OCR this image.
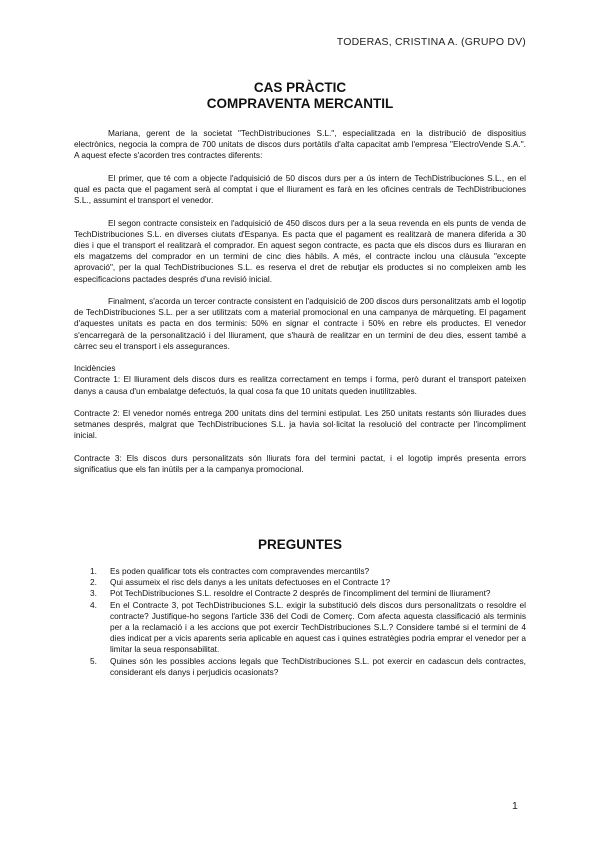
TODERAS, CRISTINA A. (GRUPO DV)
CAS PRÀCTIC
COMPRAVENTA MERCANTIL

Mariana, gerent de la societat "TechDistribuciones S.L.", especialitzada en la distribució de dispositius electrònics, negocia la compra de 700 unitats de discos durs portàtils d'alta capacitat amb l'empresa "ElectroVende S.A.". A aquest efecte s'acorden tres contractes diferents:

El primer, que té com a objecte l'adquisició de 50 discos durs per a ús intern de TechDistribuciones S.L., en el qual es pacta que el pagament serà al comptat i que el lliurament es farà en les oficines centrals de TechDistribuciones S.L., assumint el transport el venedor.

El segon contracte consisteix en l'adquisició de 450 discos durs per a la seua revenda en els punts de venda de TechDistribuciones S.L. en diverses ciutats d'Espanya. Es pacta que el pagament es realitzarà de manera diferida a 30 dies i que el transport el realitzarà el comprador. En aquest segon contracte, es pacta que els discos durs es lliuraran en els magatzems del comprador en un termini de cinc dies hàbils. A més, el contracte inclou una clàusula "excepte aprovació", per la qual TechDistribuciones S.L. es reserva el dret de rebutjar els productes si no compleixen amb les especificacions pactades després d'una revisió inicial.

Finalment, s'acorda un tercer contracte consistent en l'adquisició de 200 discos durs personalitzats amb el logotip de TechDistribuciones S.L. per a ser utilitzats com a material promocional en una campanya de màrqueting. El pagament d'aquestes unitats es pacta en dos terminis: 50% en signar el contracte i 50% en rebre els productes. El venedor s'encarregarà de la personalització i del lliurament, que s'haurà de realitzar en un termini de deu dies, essent també a càrrec seu el transport i els assegurances.

Incidències

Contracte 1: El lliurament dels discos durs es realitza correctament en temps i forma, però durant el transport pateixen danys a causa d'un embalatge defectuós, la qual cosa fa que 10 unitats queden inutilitzables.

Contracte 2: El venedor només entrega 200 unitats dins del termini estipulat. Les 250 unitats restants són lliurades dues setmanes després, malgrat que TechDistribuciones S.L. ja havia sol·licitat la resolució del contracte per l'incompliment inicial.

Contracte 3: Els discos durs personalitzats són lliurats fora del termini pactat, i el logotip imprés presenta errors significatius que els fan inútils per a la campanya promocional.

PREGUNTES
1. Es poden qualificar tots els contractes com compravendes mercantils?
2. Qui assumeix el risc dels danys a les unitats defectuoses en el Contracte 1?
3. Pot TechDistribuciones S.L. resoldre el Contracte 2 després de l'incompliment del termini de lliurament?
4. En el Contracte 3, pot TechDistribuciones S.L. exigir la substitució dels discos durs personalitzats o resoldre el contracte? Justifique-ho segons l'article 336 del Codi de Comerç. Com afecta aquesta classificació als terminis per a la reclamació i a les accions que pot exercir TechDistribuciones S.L.? Considere també si el termini de 4 dies indicat per a vicis aparents seria aplicable en aquest cas i quines estratègies podria emprar el venedor per a limitar la seua responsabilitat.
5. Quines són les possibles accions legals que TechDistribuciones S.L. pot exercir en cadascun dels contractes, considerant els danys i perjudicis ocasionats?
1
